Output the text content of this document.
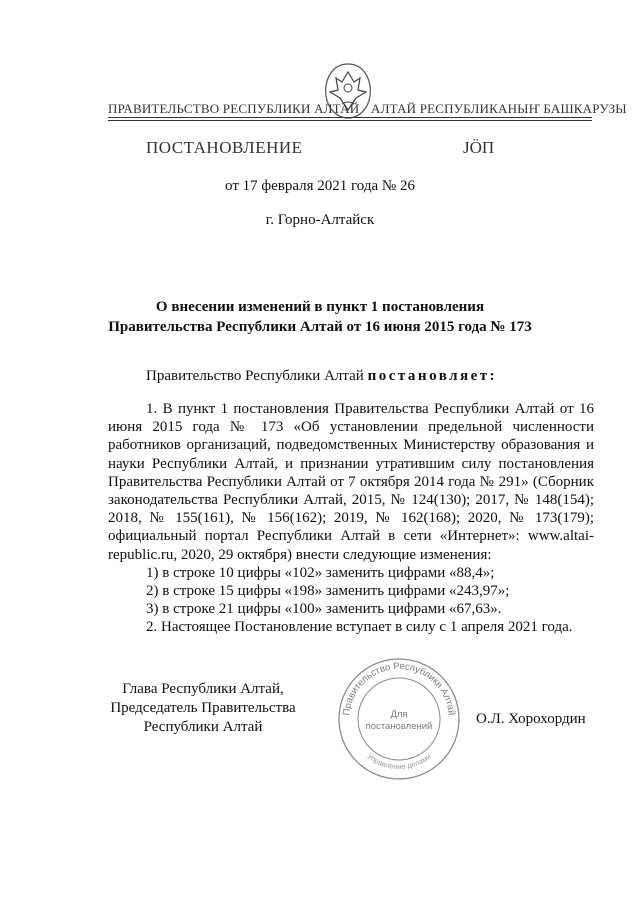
ПРАВИТЕЛЬСТВО РЕСПУБЛИКИ АЛТАЙ АЛТАЙ РЕСПУБЛИКАНЫҤ БАШКАРУЗЫ
ПОСТАНОВЛЕНИЕ	ЈӦП
от 17 февраля 2021 года № 26
г. Горно-Алтайск
О внесении изменений в пункт 1 постановления
Правительства Республики Алтай от 16 июня 2015 года № 173
Правительство Республики Алтай постановляет:

1. В пункт 1 постановления Правительства Республики Алтай от 16 июня 2015 года № 173 «Об установлении предельной численности работников организаций, подведомственных Министерству образования и науки Республики Алтай, и признании утратившим силу постановления Правительства Республики Алтай от 7 октября 2014 года № 291» (Сборник законодательства Республики Алтай, 2015, № 124(130); 2017, № 148(154); 2018, № 155(161), № 156(162); 2019, № 162(168); 2020, № 173(179); официальный портал Республики Алтай в сети «Интернет»: www.altai-republic.ru, 2020, 29 октября) внести следующие изменения:

1) в строке 10 цифры «102» заменить цифрами «88,4»;

2) в строке 15 цифры «198» заменить цифрами «243,97»;

3) в строке 21 цифры «100» заменить цифрами «67,63».

2. Настоящее Постановление вступает в силу с 1 апреля 2021 года.

Глава Республики Алтай,
Председатель Правительства
Республики Алтай
Правительство Республики Алтай
Управление делами
Для
постановлений	О.Л. Хорохордин
